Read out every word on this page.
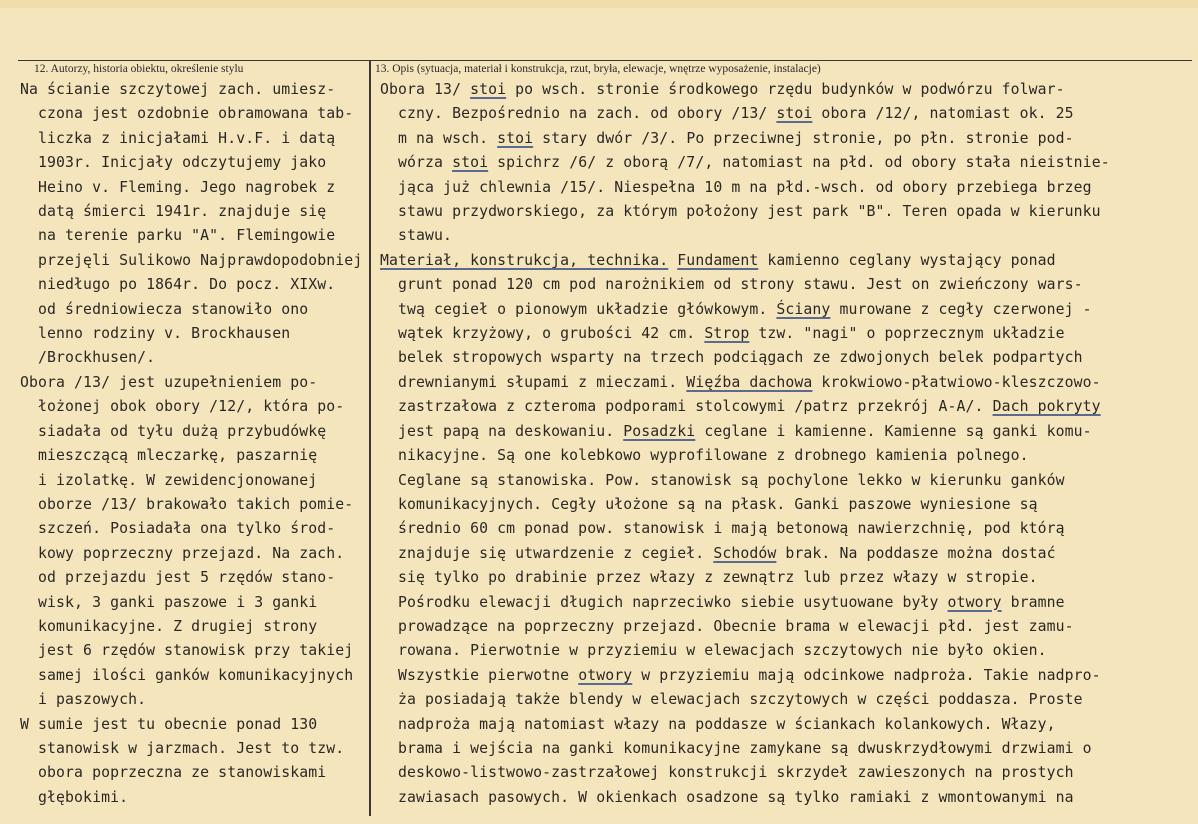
12. Autorzy, historia obiektu, określenie stylu	13. Opis (sytuacja, materiał i konstrukcja, rzut, bryła, elewacje, wnętrze wyposażenie, instalacje)

Na ścianie szczytowej zach. umiesz-

czona jest ozdobnie obramowana tab-

liczka z inicjałami H.v.F. i datą

1903r. Inicjały odczytujemy jako

Heino v. Fleming. Jego nagrobek z

datą śmierci 1941r. znajduje się

na terenie parku "A". Flemingowie

przejęli Sulikowo Najprawdopodobniej

niedługo po 1864r. Do pocz. XIXw.

od średniowiecza stanowiło ono

lenno rodziny v. Brockhausen

/Brockhusen/.

Obora /13/ jest uzupełnieniem po-

łożonej obok obory /12/, która po-

siadała od tyłu dużą przybudówkę

mieszczącą mleczarkę, paszarnię

i izolatkę. W zewidencjonowanej

oborze /13/ brakowało takich pomie-

szczeń. Posiadała ona tylko środ-

kowy poprzeczny przejazd. Na zach.

od przejazdu jest 5 rzędów stano-

wisk, 3 ganki paszowe i 3 ganki

komunikacyjne. Z drugiej strony

jest 6 rzędów stanowisk przy takiej

samej ilości ganków komunikacyjnych

i paszowych.

W sumie jest tu obecnie ponad 130

stanowisk w jarzmach. Jest to tzw.

obora poprzeczna ze stanowiskami

głębokimi.

Obora 13/ stoi po wsch. stronie środkowego rzędu budynków w podwórzu folwar-

czny. Bezpośrednio na zach. od obory /13/ stoi obora /12/, natomiast ok. 25

m na wsch. stoi stary dwór /3/. Po przeciwnej stronie, po płn. stronie pod-

wórza stoi spichrz /6/ z oborą /7/, natomiast na płd. od obory stała nieistnie-

jąca już chlewnia /15/. Niespełna 10 m na płd.-wsch. od obory przebiega brzeg

stawu przydworskiego, za którym położony jest park "B". Teren opada w kierunku

stawu.

Materiał, konstrukcja, technika. Fundament kamienno ceglany wystający ponad

grunt ponad 120 cm pod narożnikiem od strony stawu. Jest on zwieńczony wars-

twą cegieł o pionowym układzie główkowym. Ściany murowane z cegły czerwonej -

wątek krzyżowy, o grubości 42 cm. Strop tzw. "nagi" o poprzecznym układzie

belek stropowych wsparty na trzech podciągach ze zdwojonych belek podpartych

drewnianymi słupami z mieczami. Więźba dachowa krokwiowo-płatwiowo-kleszczowo-

zastrzałowa z czteroma podporami stolcowymi /patrz przekrój A-A/. Dach pokryty

jest papą na deskowaniu. Posadzki ceglane i kamienne. Kamienne są ganki komu-

nikacyjne. Są one kolebkowo wyprofilowane z drobnego kamienia polnego.

Ceglane są stanowiska. Pow. stanowisk są pochylone lekko w kierunku ganków

komunikacyjnych. Cegły ułożone są na płask. Ganki paszowe wyniesione są

średnio 60 cm ponad pow. stanowisk i mają betonową nawierzchnię, pod którą

znajduje się utwardzenie z cegieł. Schodów brak. Na poddasze można dostać

się tylko po drabinie przez włazy z zewnątrz lub przez włazy w stropie.

Pośrodku elewacji długich naprzeciwko siebie usytuowane były otwory bramne

prowadzące na poprzeczny przejazd. Obecnie brama w elewacji płd. jest zamu-

rowana. Pierwotnie w przyziemiu w elewacjach szczytowych nie było okien.

Wszystkie pierwotne otwory w przyziemiu mają odcinkowe nadproża. Takie nadpro-

ża posiadają także blendy w elewacjach szczytowych w części poddasza. Proste

nadproża mają natomiast włazy na poddasze w ściankach kolankowych. Włazy,

brama i wejścia na ganki komunikacyjne zamykane są dwuskrzydłowymi drzwiami o

deskowo-listwowo-zastrzałowej konstrukcji skrzydeł zawieszonych na prostych

zawiasach pasowych. W okienkach osadzone są tylko ramiaki z wmontowanymi na
